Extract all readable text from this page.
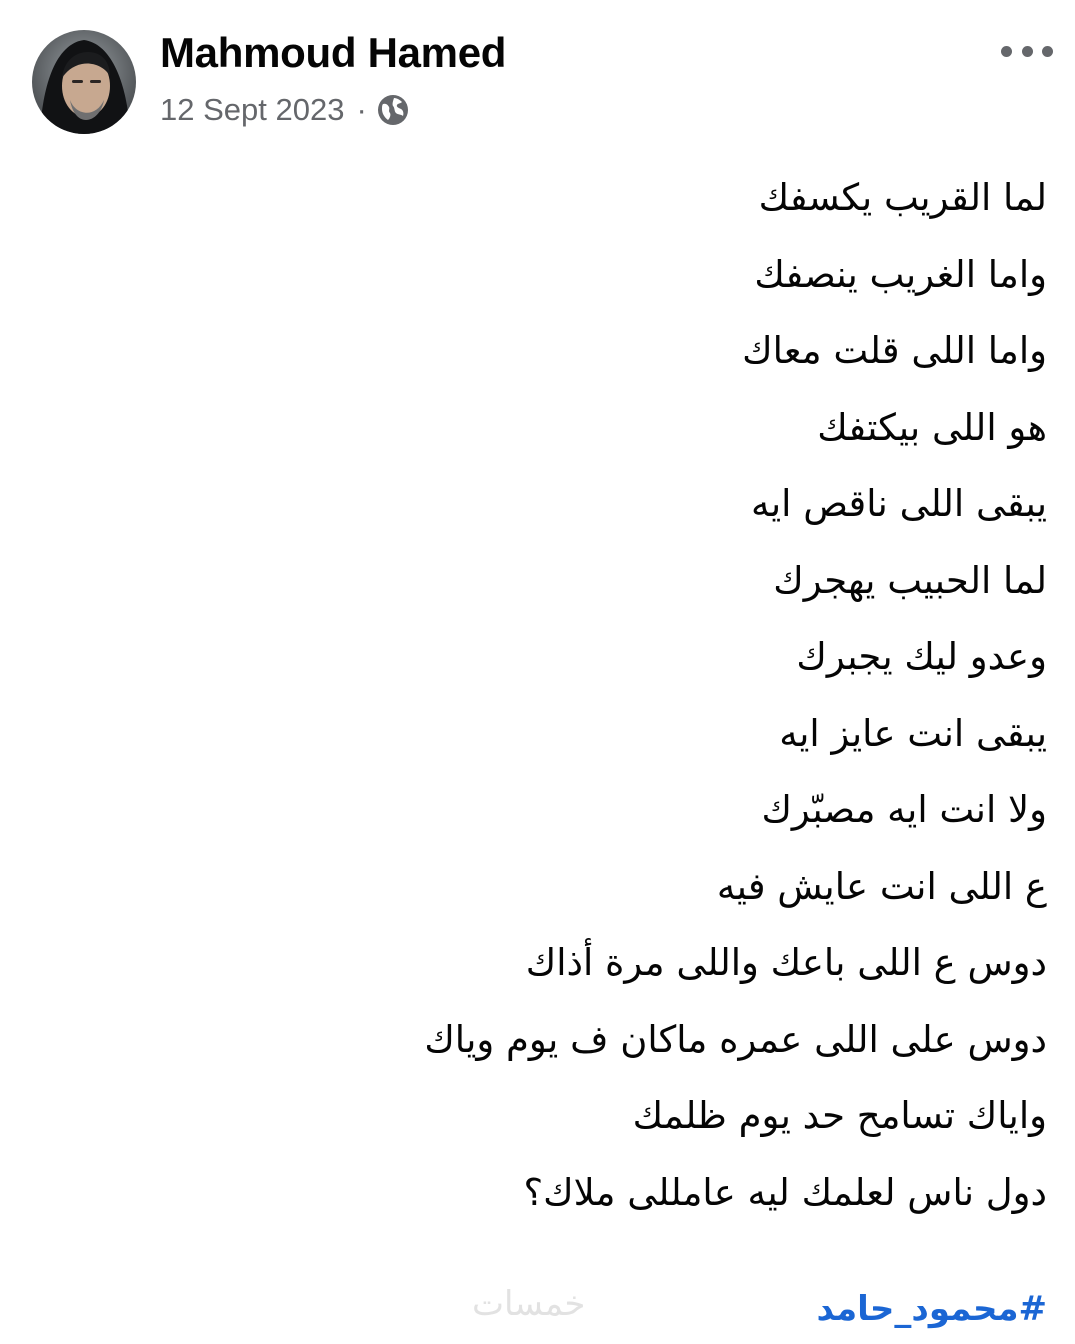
Mahmoud Hamed
12 Sept 2023 ·
لما القريب يكسفك
واما الغريب ينصفك
واما اللى قلت معاك
هو اللى بيكتفك
يبقى اللى ناقص ايه
لما الحبيب يهجرك
وعدو ليك يجبرك
يبقى انت عايز ايه
ولا انت ايه مصبّرك
ع اللى انت عايش فيه
دوس ع اللى باعك واللى مرة أذاك
دوس على اللى عمره ماكان ف يوم وياك
واياك تسامح حد يوم ظلمك
دول ناس لعلمك ليه عامللى ملاك؟
خمسات	#محمود_حامد
